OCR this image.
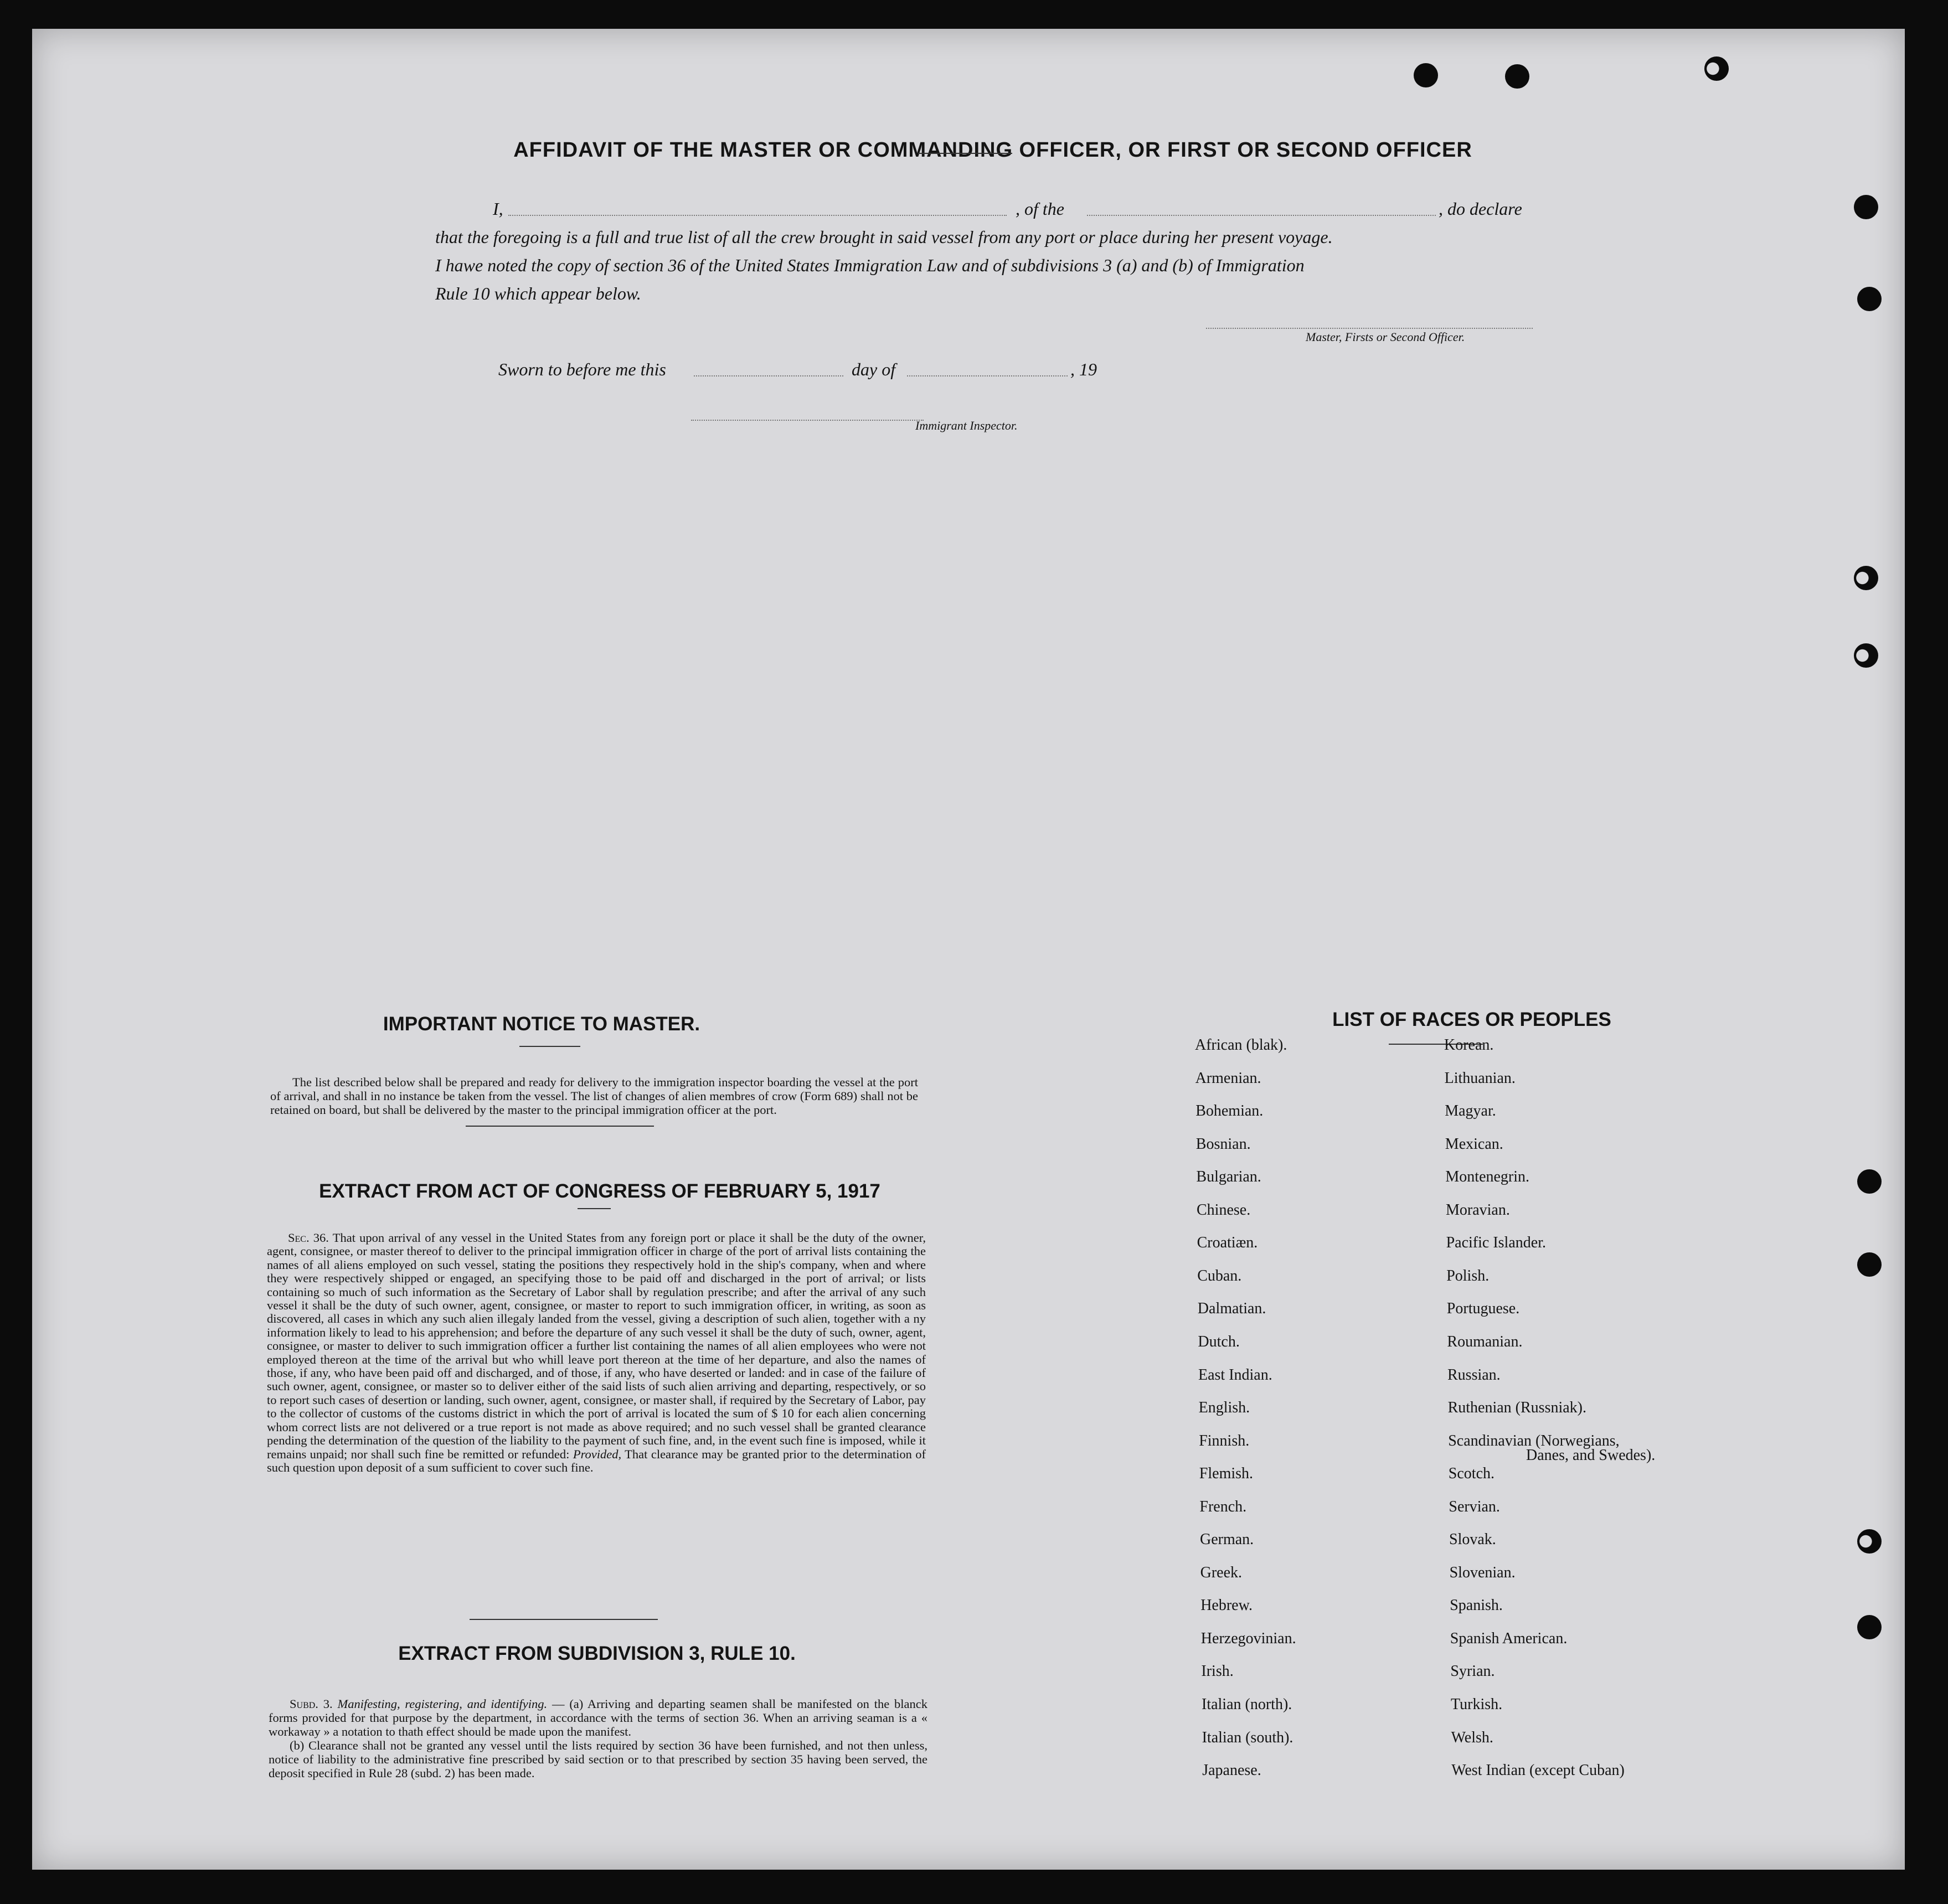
AFFIDAVIT OF THE MASTER OR COMMANDING OFFICER, OR FIRST OR SECOND OFFICER
I,	, of the	, do declare
that the foregoing is a full and true list of all the crew brought in said vessel from any port or place during her present voyage.
I hawe noted the copy of section 36 of the United States Immigration Law and of subdivisions 3 (a) and (b) of Immigration
Rule 10 which appear below.
Master, Firsts or Second Officer.
Sworn to before me this	day of	, 19
Immigrant Inspector.
IMPORTANT NOTICE TO MASTER.
The list described below shall be prepared and ready for delivery to the immigration inspector boarding the vessel at the port of arrival, and shall in no instance be taken from the vessel. The list of changes of alien membres of crow (Form 689) shall not be retained on board, but shall be delivered by the master to the principal immigration officer at the port.
EXTRACT FROM ACT OF CONGRESS OF FEBRUARY 5, 1917
Sec. 36. That upon arrival of any vessel in the United States from any foreign port or place it shall be the duty of the owner, agent, consignee, or master thereof to deliver to the principal immigration officer in charge of the port of arrival lists containing the names of all aliens employed on such vessel, stating the positions they respectively hold in the ship's company, when and where they were respectively shipped or engaged, an specifying those to be paid off and discharged in the port of arrival; or lists containing so much of such information as the Secretary of Labor shall by regulation prescribe; and after the arrival of any such vessel it shall be the duty of such owner, agent, consignee, or master to report to such immigration officer, in writing, as soon as discovered, all cases in which any such alien illegaly landed from the vessel, giving a description of such alien, together with a ny information likely to lead to his apprehension; and before the departure of any such vessel it shall be the duty of such, owner, agent, consignee, or master to deliver to such immigration officer a further list containing the names of all alien employees who were not employed thereon at the time of the arrival but who whill leave port thereon at the time of her departure, and also the names of those, if any, who have been paid off and discharged, and of those, if any, who have deserted or landed: and in case of the failure of such owner, agent, consignee, or master so to deliver either of the said lists of such alien arriving and departing, respectively, or so to report such cases of desertion or landing, such owner, agent, consignee, or master shall, if required by the Secretary of Labor, pay to the collector of customs of the customs district in which the port of arrival is located the sum of $ 10 for each alien concerning whom correct lists are not delivered or a true report is not made as above required; and no such vessel shall be granted clearance pending the determination of the question of the liability to the payment of such fine, and, in the event such fine is imposed, while it remains unpaid; nor shall such fine be remitted or refunded: Provided, That clearance may be granted prior to the determination of such question upon deposit of a sum sufficient to cover such fine.
EXTRACT FROM SUBDIVISION 3, RULE 10.
Subd. 3. Manifesting, registering, and identifying. — (a) Arriving and departing seamen shall be manifested on the blanck forms provided for that purpose by the department, in accordance with the terms of section 36. When an arriving seaman is a « workaway » a notation to thath effect should be made upon the manifest.
(b) Clearance shall not be granted any vessel until the lists required by section 36 have been furnished, and not then unless, notice of liability to the administrative fine prescribed by said section or to that prescribed by section 35 having been served, the deposit specified in Rule 28 (subd. 2) has been made.
LIST OF RACES OR PEOPLES
Danes, and Swedes).
African (blak).
Armenian.
Bohemian.
Bosnian.
Bulgarian.
Chinese.
Croatiæn.
Cuban.
Dalmatian.
Dutch.
East Indian.
English.
Finnish.
Flemish.
French.
German.
Greek.
Hebrew.
Herzegovinian.
Irish.
Italian (north).
Italian (south).
Japanese.
Korean.
Lithuanian.
Magyar.
Mexican.
Montenegrin.
Moravian.
Pacific Islander.
Polish.
Portuguese.
Roumanian.
Russian.
Ruthenian (Russniak).
Scandinavian (Norwegians,
Scotch.
Servian.
Slovak.
Slovenian.
Spanish.
Spanish American.
Syrian.
Turkish.
Welsh.
West Indian (except Cuban)
